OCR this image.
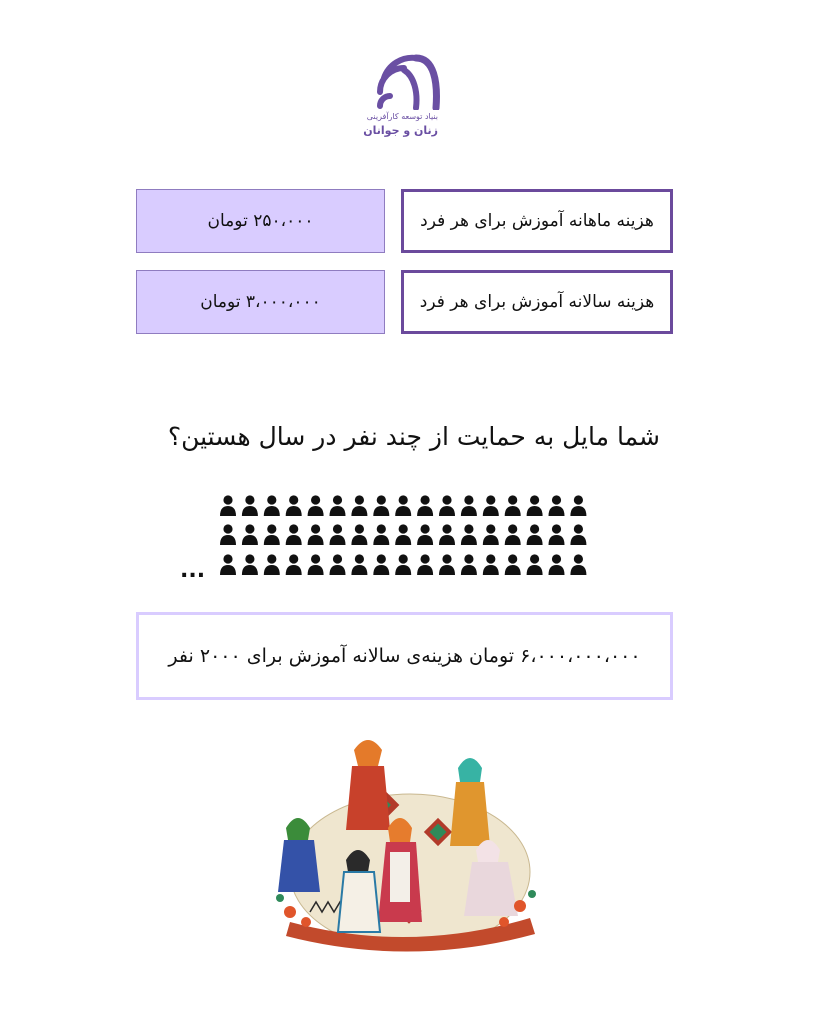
بنیاد توسعه کارآفرینی
زنان و جوانان
هزینه ماهانه آموزش برای هر فرد
۲۵۰،۰۰۰ تومان
هزینه سالانه آموزش برای هر فرد
۳،۰۰۰،۰۰۰ تومان
شما مایل به حمایت از چند نفر در سال هستین؟
...
۶،۰۰۰،۰۰۰،۰۰۰ تومان هزینه‌ی سالانه آموزش برای ۲۰۰۰ نفر
